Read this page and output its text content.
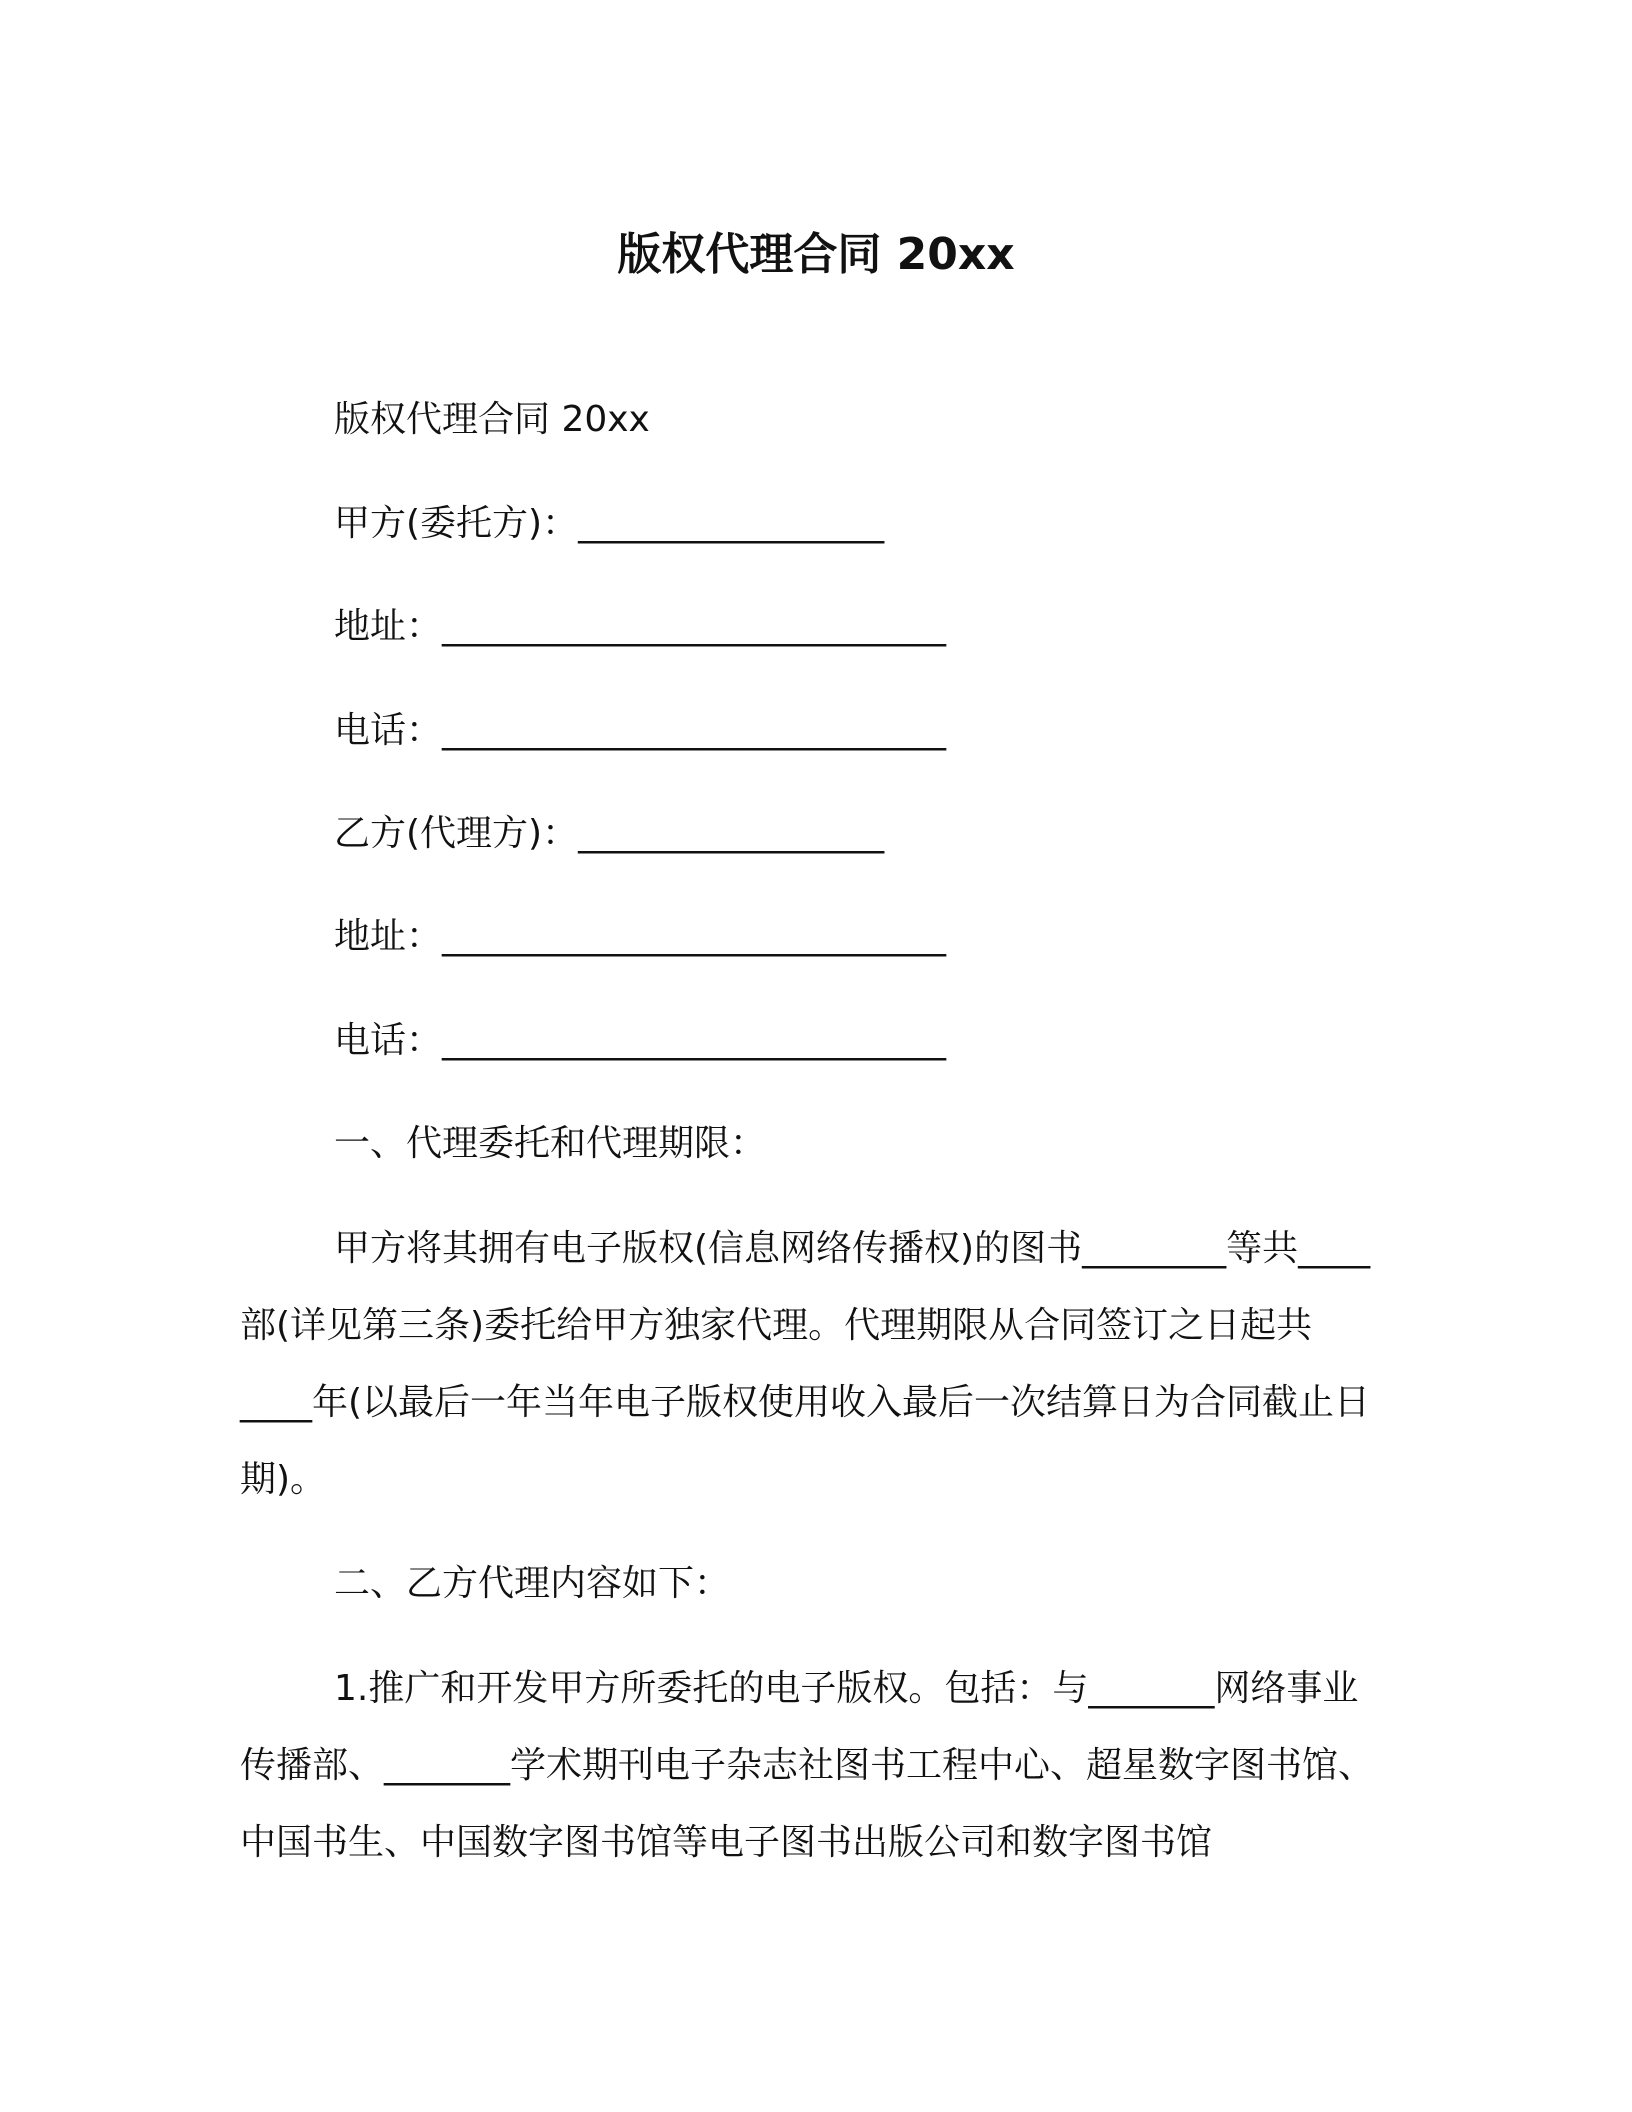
版权代理合同 20xx
版权代理合同 20xx
甲方(委托方)：_________________
地址：____________________________
电话：____________________________
乙方(代理方)：_________________
地址：____________________________
电话：____________________________
一、代理委托和代理期限：

甲方将其拥有电子版权(信息网络传播权)的图书________等共____部(详见第三条)委托给甲方独家代理。代理期限从合同签订之日起共____年(以最后一年当年电子版权使用收入最后一次结算日为合同截止日期)。

二、乙方代理内容如下：

1.推广和开发甲方所委托的电子版权。包括：与_______网络事业传播部、_______学术期刊电子杂志社图书工程中心、超星数字图书馆、中国书生、中国数字图书馆等电子图书出版公司和数字图书馆
